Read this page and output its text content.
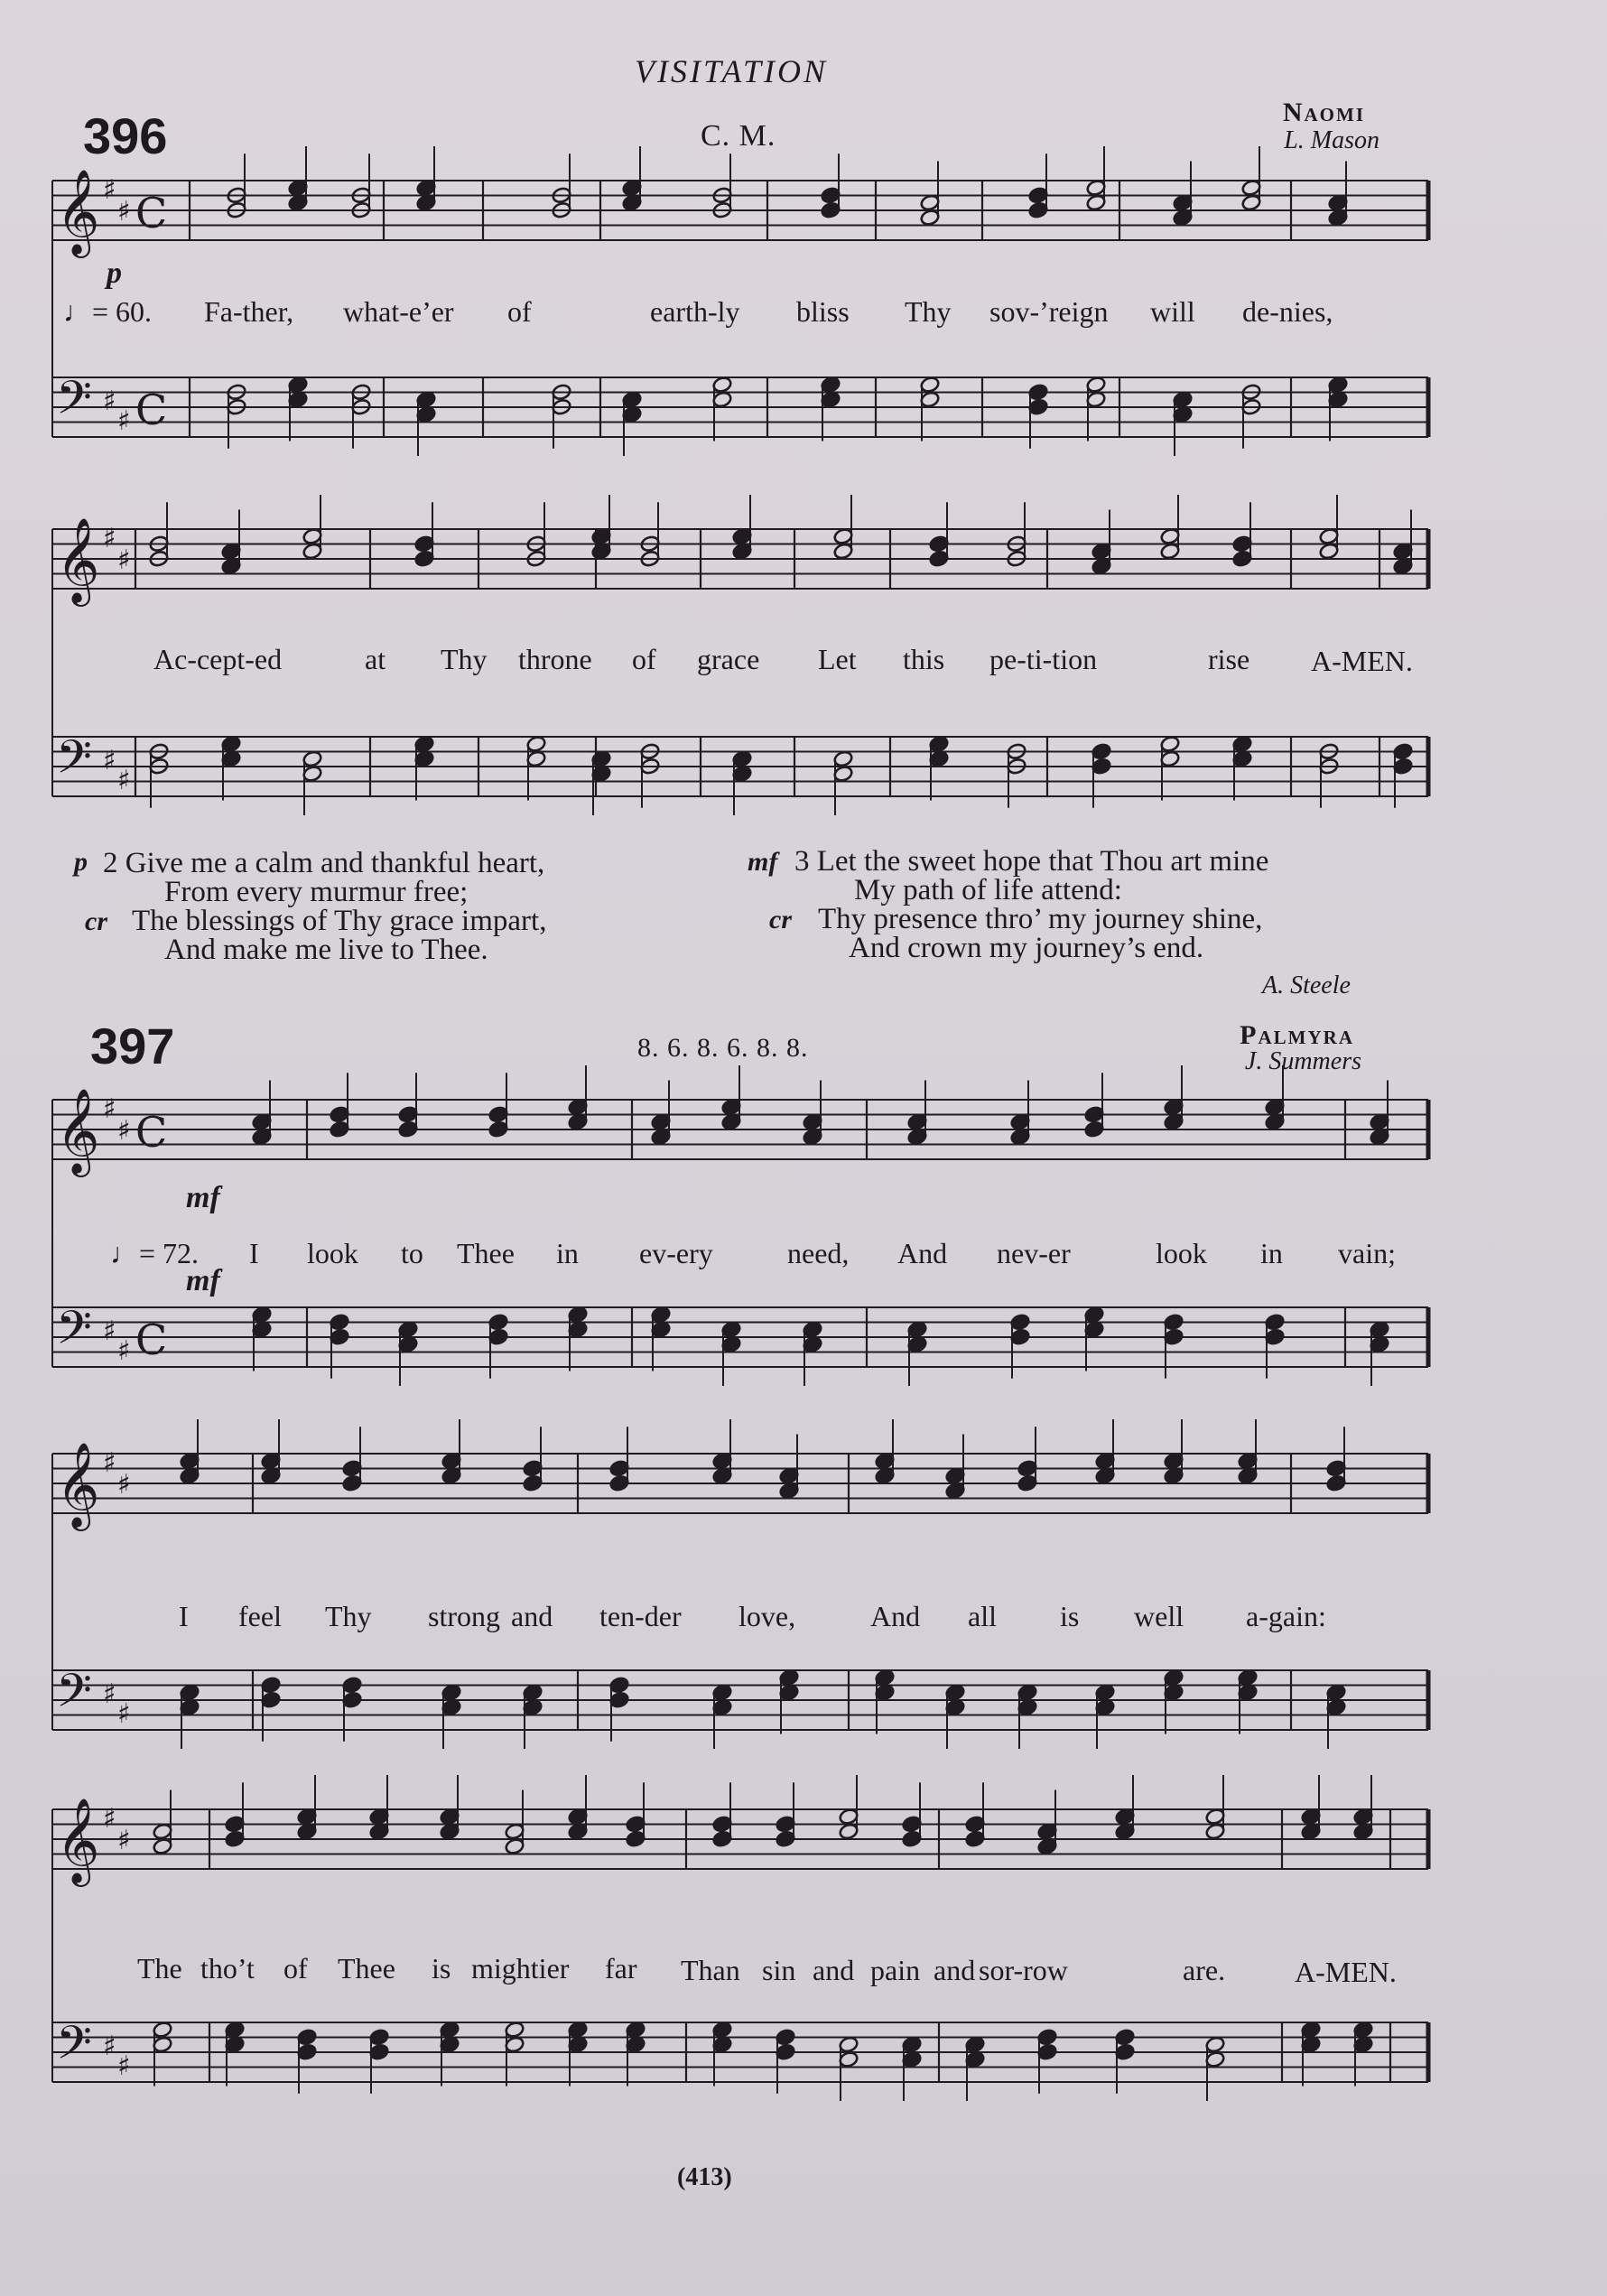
VISITATION
396	C. M.
Naomi
L. Mason
p
♩= 60. Fa-ther, what-e’er of	earth-ly bliss Thy sov-’reign will de-nies,
Ac-cept-ed	at Thy throne of grace Let this pe-ti-tion	rise A-MEN.
p 2 Give me a calm and thankful heart,
From every murmur free;
cr The blessings of Thy grace impart,
And make me live to Thee.
mf 3 Let the sweet hope that Thou art mine
My path of life attend:
cr Thy presence thro’ my journey shine,
And crown my journey’s end.
A. Steele
397	8. 6. 8. 6. 8. 8.	Palmyra
J. Summers
mf
♩= 72. I look to Thee in ev-ery	need, And nev-er	look in vain;
mf
I feel Thy strong and ten-der love,	And all is well a-gain:
The tho’t of Thee is mightier far Than sin and pain and sor-row	are. A-MEN.
(413)
𝄞
𝄢
♯
♯
♯
♯
C
C
𝄞
𝄢
♯
♯
♯
♯
𝄞
𝄢
♯
♯
♯
♯
C
C
𝄞
𝄢
♯
♯
♯
♯
𝄞
𝄢
♯
♯
♯
♯
